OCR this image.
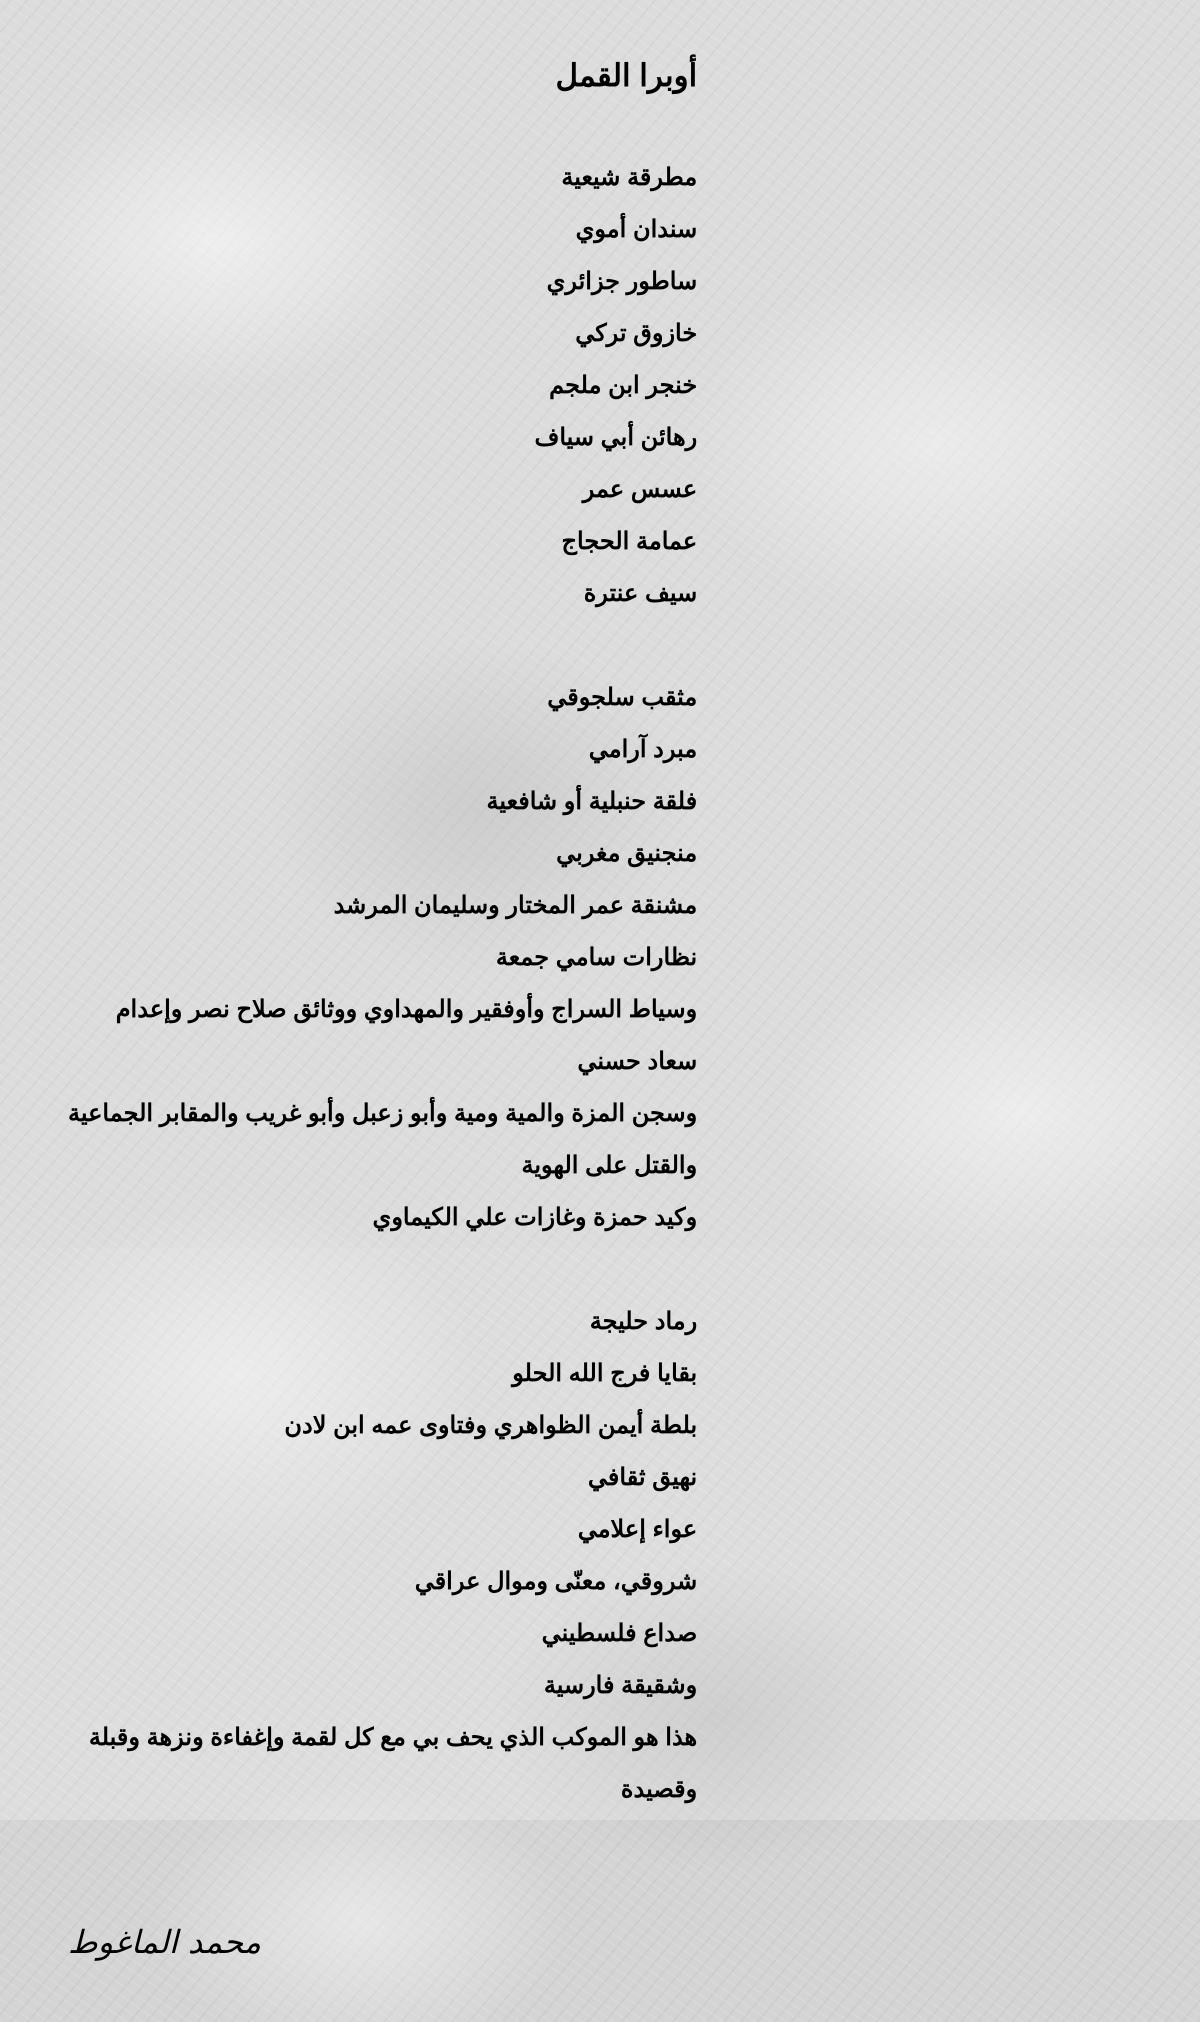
أوبرا القمل
مطرقة شيعية
سندان أموي
ساطور جزائري
خازوق تركي
خنجر ابن ملجم
رهائن أبي سياف
عسس عمر
عمامة الحجاج
سيف عنترة
مثقب سلجوقي
مبرد آرامي
فلقة حنبلية أو شافعية
منجنيق مغربي
مشنقة عمر المختار وسليمان المرشد
نظارات سامي جمعة
وسياط السراج وأوفقير والمهداوي ووثائق صلاح نصر وإعدام
سعاد حسني
وسجن المزة والمية ومية وأبو زعبل وأبو غريب والمقابر الجماعية
والقتل على الهوية
وكيد حمزة وغازات علي الكيماوي
رماد حليجة
بقايا فرج الله الحلو
بلطة أيمن الظواهري وفتاوى عمه ابن لادن
نهيق ثقافي
عواء إعلامي
شروقي، معنّى وموال عراقي
صداع فلسطيني
وشقيقة فارسية
هذا هو الموكب الذي يحف بي مع كل لقمة وإغفاءة ونزهة وقبلة
وقصيدة
محمد الماغوط
